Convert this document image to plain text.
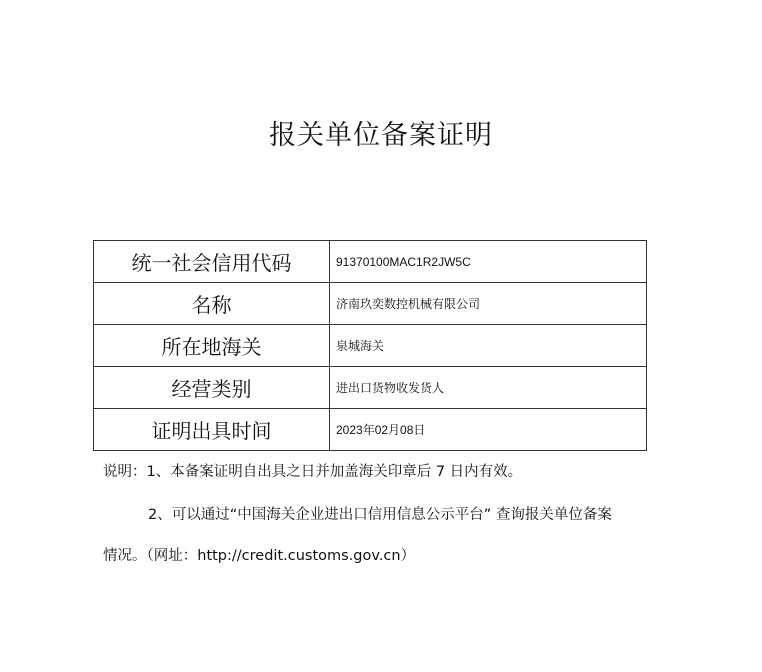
报关单位备案证明
统一社会信用代码	91370100MAC1R2JW5C
名称	济南玖奕数控机械有限公司
所在地海关	泉城海关
经营类别	进出口货物收发货人
证明出具时间	2023年02月08日
说明：1、本备案证明自出具之日并加盖海关印章后 7 日内有效。
2、可以通过“中国海关企业进出口信用信息公示平台” 查询报关单位备案
情况。（网址：http://credit.customs.gov.cn）
